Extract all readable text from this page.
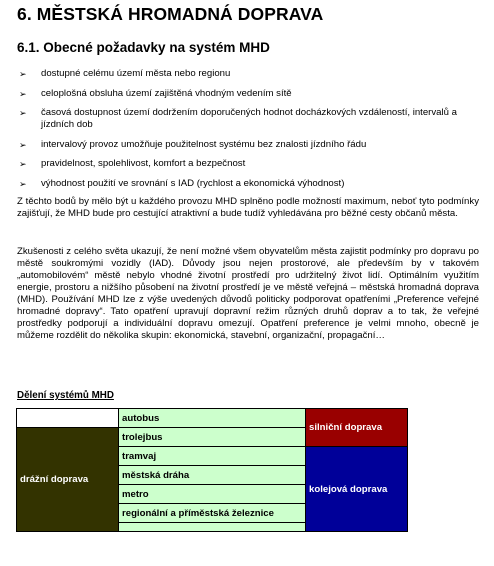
6. MĚSTSKÁ HROMADNÁ DOPRAVA
6.1. Obecné požadavky na systém MHD
➢ dostupné celému území města nebo regionu
➢ celoplošná obsluha území zajištěná vhodným vedením sítě
➢ časová dostupnost území dodržením doporučených hodnot docházkových vzdáleností, intervalů a jízdních dob
➢ intervalový provoz umožňuje použitelnost systému bez znalosti jízdního řádu
➢ pravidelnost, spolehlivost, komfort a bezpečnost
➢ výhodnost použití ve srovnání s IAD (rychlost a ekonomická výhodnost)

Z těchto bodů by mělo být u každého provozu MHD splněno podle možností maximum, neboť tyto podmínky zajišťují, že MHD bude pro cestující atraktivní a bude tudíž vyhledávána pro běžné cesty občanů města.

Zkušenosti z celého světa ukazují, že není možné všem obyvatelům města zajistit podmínky pro dopravu po městě soukromými vozidly (IAD). Důvody jsou nejen prostorové, ale především by v takovém „automobilovém“ městě nebylo vhodné životní prostředí pro udržitelný život lidí. Optimálním využitím energie, prostoru a nižšího působení na životní prostředí je ve městě veřejná – městská hromadná doprava (MHD). Používání MHD lze z výše uvedených důvodů politicky podporovat opatřeními „Preference veřejné hromadné dopravy“. Tato opatření upravují dopravní režim různých druhů doprav a to tak, že veřejné prostředky podporují a individuální dopravu omezují. Opatření preference je velmi mnoho, obecně je můžeme rozdělit do několika skupin: ekonomická, stavební, organizační, propagační…

Dělení systémů MHD
	autobus	silniční doprava
drážní doprava	trolejbus	
	tramvaj	kolejová doprava
	městská dráha	
	metro	
	regionální a příměstská železnice	
